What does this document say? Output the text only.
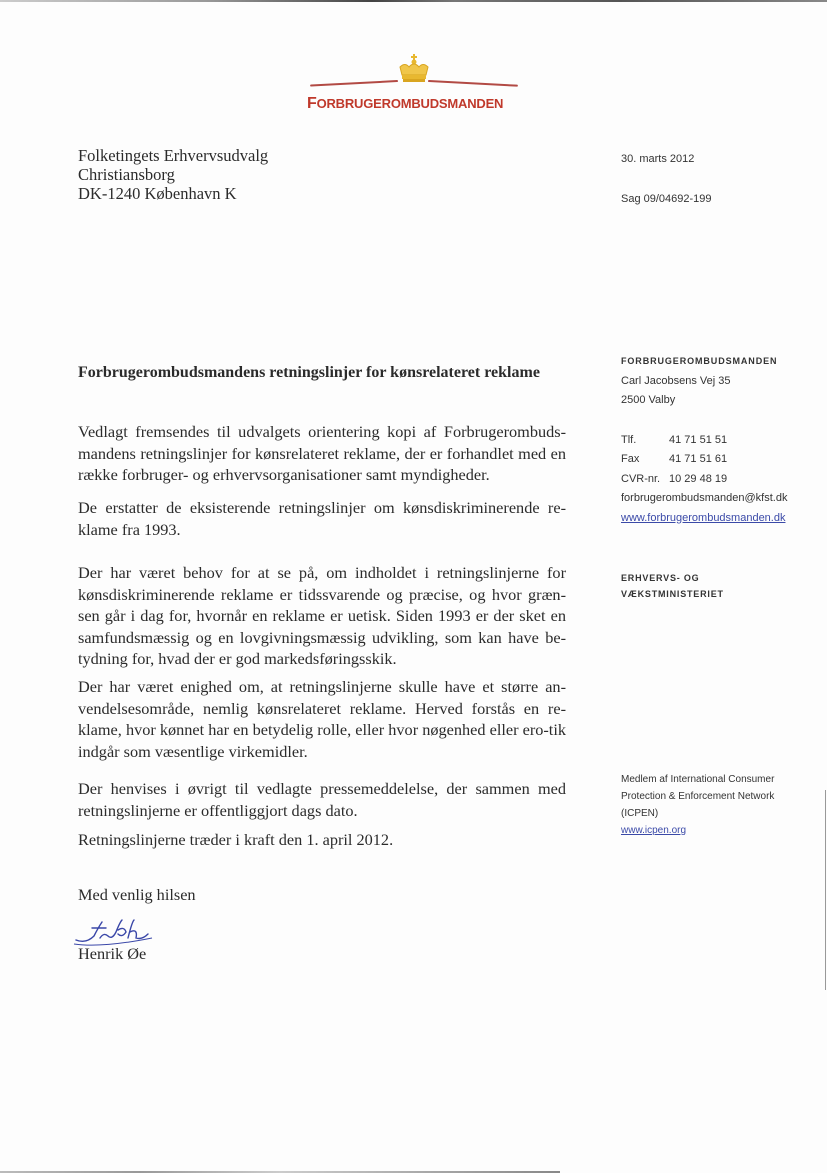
FORBRUGEROMBUDSMANDEN
Folketingets Erhvervsudvalg
Christiansborg
DK-1240 København K
30. marts 2012
Sag 09/04692-199
Forbrugerombudsmandens retningslinjer for kønsrelateret reklame
FORBRUGEROMBUDSMANDEN
Carl Jacobsens Vej 35
2500 Valby
Tlf.	41 71 51 51
Fax	41 71 51 61
CVR-nr. 10 29 48 19
forbrugerombudsmanden@kfst.dk
www.forbrugerombudsmanden.dk
ERHVERVS- OG
VÆKSTMINISTERIET
Medlem af International Consumer
Protection & Enforcement Network
(ICPEN)
www.icpen.org
Vedlagt fremsendes til udvalgets orientering kopi af Forbrugerombuds-mandens retningslinjer for kønsrelateret reklame, der er forhandlet med en række forbruger- og erhvervsorganisationer samt myndigheder.
De erstatter de eksisterende retningslinjer om kønsdiskriminerende re-klame fra 1993.
Der har været behov for at se på, om indholdet i retningslinjerne for kønsdiskriminerende reklame er tidssvarende og præcise, og hvor græn-sen går i dag for, hvornår en reklame er uetisk. Siden 1993 er der sket en samfundsmæssig og en lovgivningsmæssig udvikling, som kan have be-tydning for, hvad der er god markedsføringsskik.
Der har været enighed om, at retningslinjerne skulle have et større an-vendelsesområde, nemlig kønsrelateret reklame. Herved forstås en re-klame, hvor kønnet har en betydelig rolle, eller hvor nøgenhed eller ero-tik indgår som væsentlige virkemidler.
Der henvises i øvrigt til vedlagte pressemeddelelse, der sammen med retningslinjerne er offentliggjort dags dato.
Retningslinjerne træder i kraft den 1. april 2012.
Med venlig hilsen
Henrik Øe
